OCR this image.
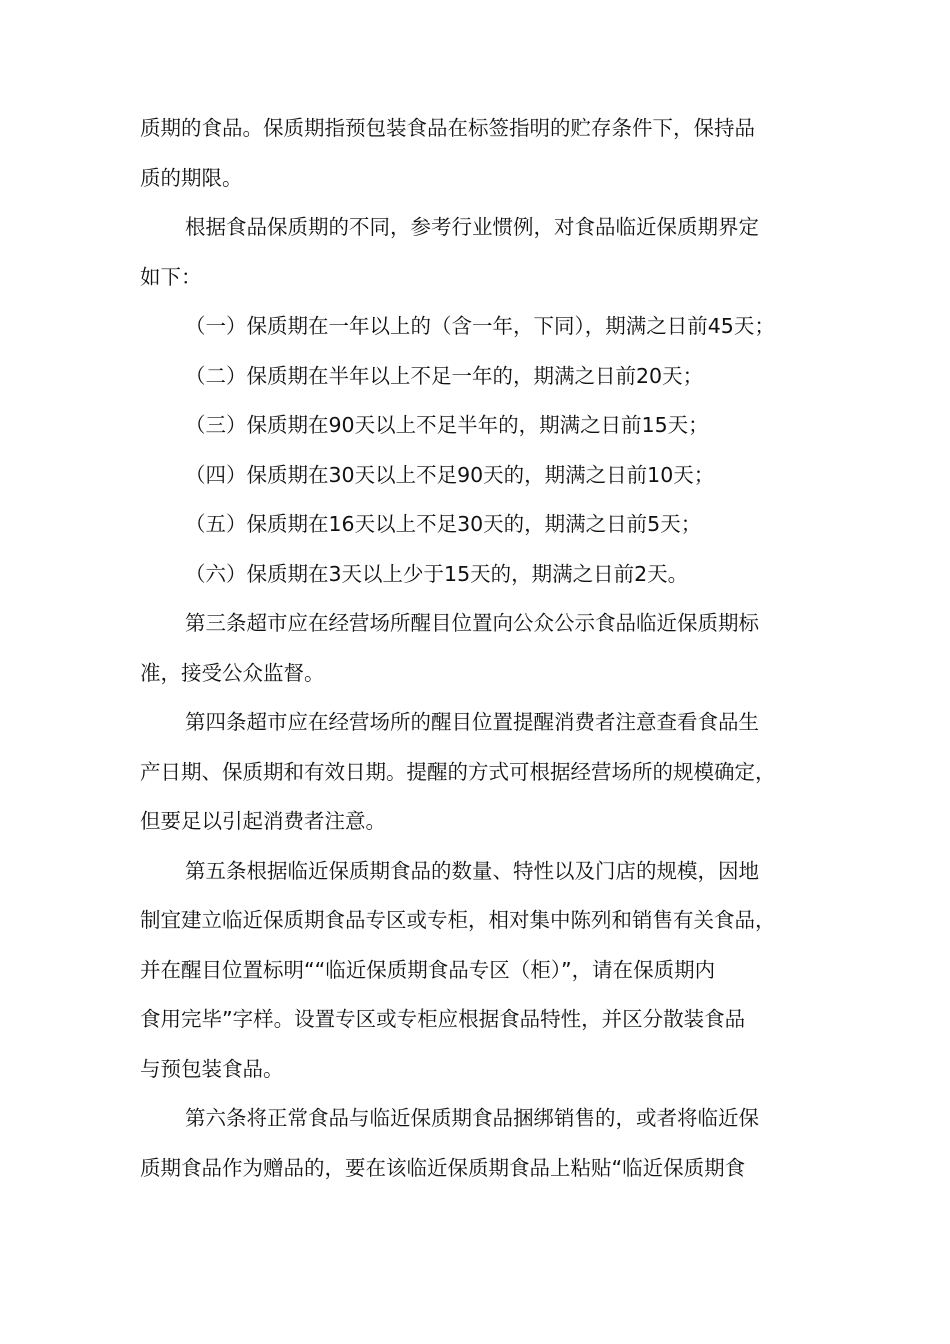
质期的食品。保质期指预包装食品在标签指明的贮存条件下，保持品
质的期限。
根据食品保质期的不同，参考行业惯例，对食品临近保质期界定
如下：
（一）保质期在一年以上的（含一年，下同），期满之日前45天；
（二）保质期在半年以上不足一年的，期满之日前20天；
（三）保质期在90天以上不足半年的，期满之日前15天；
（四）保质期在30天以上不足90天的，期满之日前10天；
（五）保质期在16天以上不足30天的，期满之日前5天；
（六）保质期在3天以上少于15天的，期满之日前2天。
第三条超市应在经营场所醒目位置向公众公示食品临近保质期标
准，接受公众监督。
第四条超市应在经营场所的醒目位置提醒消费者注意查看食品生
产日期、保质期和有效日期。提醒的方式可根据经营场所的规模确定，
但要足以引起消费者注意。
第五条根据临近保质期食品的数量、特性以及门店的规模，因地
制宜建立临近保质期食品专区或专柜，相对集中陈列和销售有关食品，
并在醒目位置标明““临近保质期食品专区（柜）”，请在保质期内
食用完毕”字样。设置专区或专柜应根据食品特性，并区分散装食品
与预包装食品。
第六条将正常食品与临近保质期食品捆绑销售的，或者将临近保
质期食品作为赠品的，要在该临近保质期食品上粘贴“临近保质期食
